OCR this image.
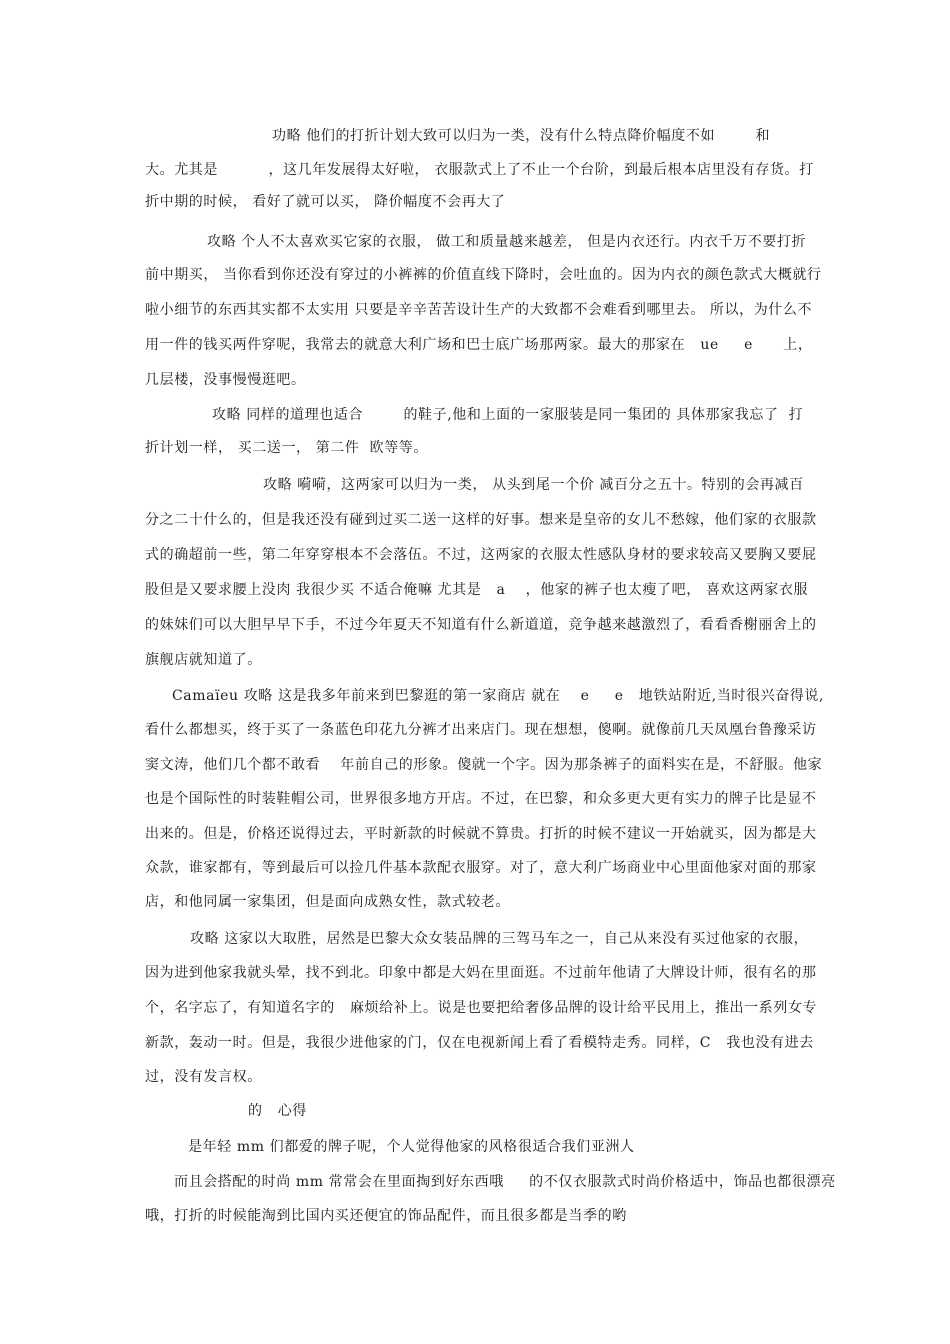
功略 他们的打折计划大致可以归为一类，没有什么特点降价幅度不如        和
大。尤其是          ，这几年发展得太好啦， 衣服款式上了不止一个台阶，到最后根本店里没有存货。打
折中期的时候， 看好了就可以买， 降价幅度不会再大了
攻略 个人不太喜欢买它家的衣服， 做工和质量越来越差， 但是内衣还行。内衣千万不要打折
前中期买， 当你看到你还没有穿过的小裤裤的价值直线下降时，会吐血的。因为内衣的颜色款式大概就行
啦小细节的东西其实都不太实用 只要是辛辛苦苦设计生产的大致都不会难看到哪里去。 所以，为什么不
用一件的钱买两件穿呢，我常去的就意大利广场和巴士底广场那两家。最大的那家在   ue     e      上，
几层楼，没事慢慢逛吧。
攻略 同样的道理也适合        的鞋子,他和上面的一家服装是同一集团的 具体那家我忘了  打
折计划一样， 买二送一， 第二件  欧等等。
攻略 嗬嗬，这两家可以归为一类， 从头到尾一个价 减百分之五十。特别的会再减百
分之二十什么的，但是我还没有碰到过买二送一这样的好事。想来是皇帝的女儿不愁嫁，他们家的衣服款
式的确超前一些，第二年穿穿根本不会落伍。不过，这两家的衣服太性感队身材的要求较高又要胸又要屁
股但是又要求腰上没肉 我很少买 不适合俺嘛 尤其是   a    ，他家的裤子也太瘦了吧， 喜欢这两家衣服
的妹妹们可以大胆早早下手，不过今年夏天不知道有什么新道道，竞争越来越激烈了，看看香榭丽舍上的
旗舰店就知道了。
Camaïeu 攻略 这是我多年前来到巴黎逛的第一家商店 就在    e     e   地铁站附近,当时很兴奋得说,
看什么都想买，终于买了一条蓝色印花九分裤才出来店门。现在想想，傻啊。就像前几天凤凰台鲁豫采访
窦文涛，他们几个都不敢看    年前自己的形象。傻就一个字。因为那条裤子的面料实在是，不舒服。他家
也是个国际性的时装鞋帽公司，世界很多地方开店。不过，在巴黎，和众多更大更有实力的牌子比是显不
出来的。但是，价格还说得过去，平时新款的时候就不算贵。打折的时候不建议一开始就买，因为都是大
众款，谁家都有，等到最后可以捡几件基本款配衣服穿。对了，意大利广场商业中心里面他家对面的那家
店，和他同属一家集团，但是面向成熟女性，款式较老。
攻略 这家以大取胜，居然是巴黎大众女装品牌的三驾马车之一，自己从来没有买过他家的衣服，
因为进到他家我就头晕，找不到北。印象中都是大妈在里面逛。不过前年他请了大牌设计师，很有名的那
个，名字忘了，有知道名字的   麻烦给补上。说是也要把给奢侈品牌的设计给平民用上，推出一系列女专
新款，轰动一时。但是，我很少进他家的门，仅在电视新闻上看了看模特走秀。同样，C   我也没有进去
过，没有发言权。
的   心得
是年轻 mm 们都爱的牌子呢，个人觉得他家的风格很适合我们亚洲人
而且会搭配的时尚 mm 常常会在里面掏到好东西哦     的不仅衣服款式时尚价格适中，饰品也都很漂亮
哦，打折的时候能淘到比国内买还便宜的饰品配件，而且很多都是当季的哟
